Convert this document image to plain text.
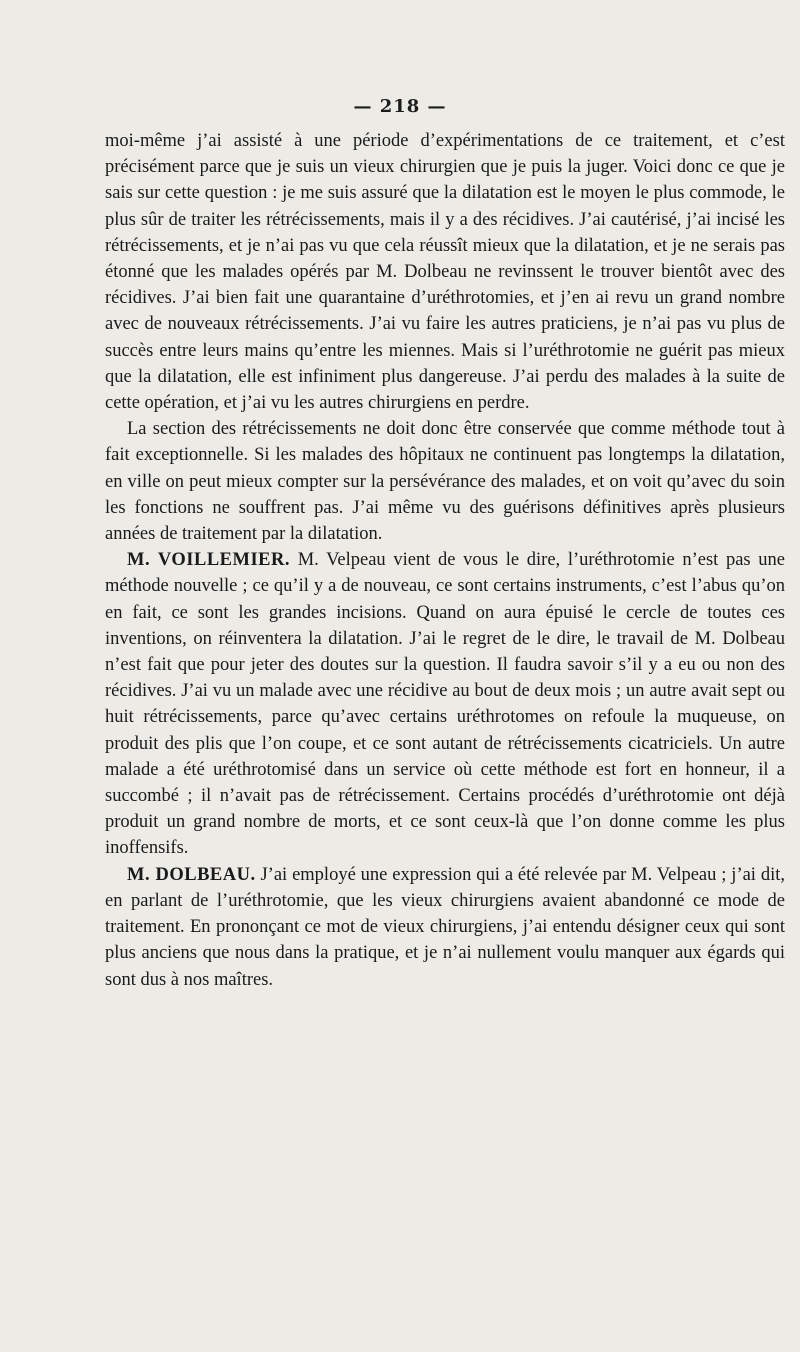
— 218 —

moi-même j’ai assisté à une période d’expérimentations de ce traitement, et c’est précisément parce que je suis un vieux chirurgien que je puis la juger. Voici donc ce que je sais sur cette question : je me suis assuré que la dilatation est le moyen le plus commode, le plus sûr de traiter les rétrécissements, mais il y a des récidives. J’ai cautérisé, j’ai incisé les rétrécissements, et je n’ai pas vu que cela réussît mieux que la dilatation, et je ne serais pas étonné que les malades opérés par M. Dolbeau ne revinssent le trouver bientôt avec des récidives. J’ai bien fait une quarantaine d’uréthrotomies, et j’en ai revu un grand nombre avec de nouveaux rétrécissements. J’ai vu faire les autres praticiens, je n’ai pas vu plus de succès entre leurs mains qu’entre les miennes. Mais si l’uréthrotomie ne guérit pas mieux que la dilatation, elle est infiniment plus dangereuse. J’ai perdu des malades à la suite de cette opération, et j’ai vu les autres chirurgiens en perdre.

La section des rétrécissements ne doit donc être conservée que comme méthode tout à fait exceptionnelle. Si les malades des hôpitaux ne continuent pas longtemps la dilatation, en ville on peut mieux compter sur la persévérance des malades, et on voit qu’avec du soin les fonctions ne souffrent pas. J’ai même vu des guérisons définitives après plusieurs années de traitement par la dilatation.

M. VOILLEMIER. M. Velpeau vient de vous le dire, l’uréthrotomie n’est pas une méthode nouvelle ; ce qu’il y a de nouveau, ce sont certains instruments, c’est l’abus qu’on en fait, ce sont les grandes incisions. Quand on aura épuisé le cercle de toutes ces inventions, on réinventera la dilatation. J’ai le regret de le dire, le travail de M. Dolbeau n’est fait que pour jeter des doutes sur la question. Il faudra savoir s’il y a eu ou non des récidives. J’ai vu un malade avec une récidive au bout de deux mois ; un autre avait sept ou huit rétrécissements, parce qu’avec certains uréthrotomes on refoule la muqueuse, on produit des plis que l’on coupe, et ce sont autant de rétrécissements cicatriciels. Un autre malade a été uréthrotomisé dans un service où cette méthode est fort en honneur, il a succombé ; il n’avait pas de rétrécissement. Certains procédés d’uréthrotomie ont déjà produit un grand nombre de morts, et ce sont ceux-là que l’on donne comme les plus inoffensifs.

M. DOLBEAU. J’ai employé une expression qui a été relevée par M. Velpeau ; j’ai dit, en parlant de l’uréthrotomie, que les vieux chirurgiens avaient abandonné ce mode de traitement. En prononçant ce mot de vieux chirurgiens, j’ai entendu désigner ceux qui sont plus anciens que nous dans la pratique, et je n’ai nullement voulu manquer aux égards qui sont dus à nos maîtres.
